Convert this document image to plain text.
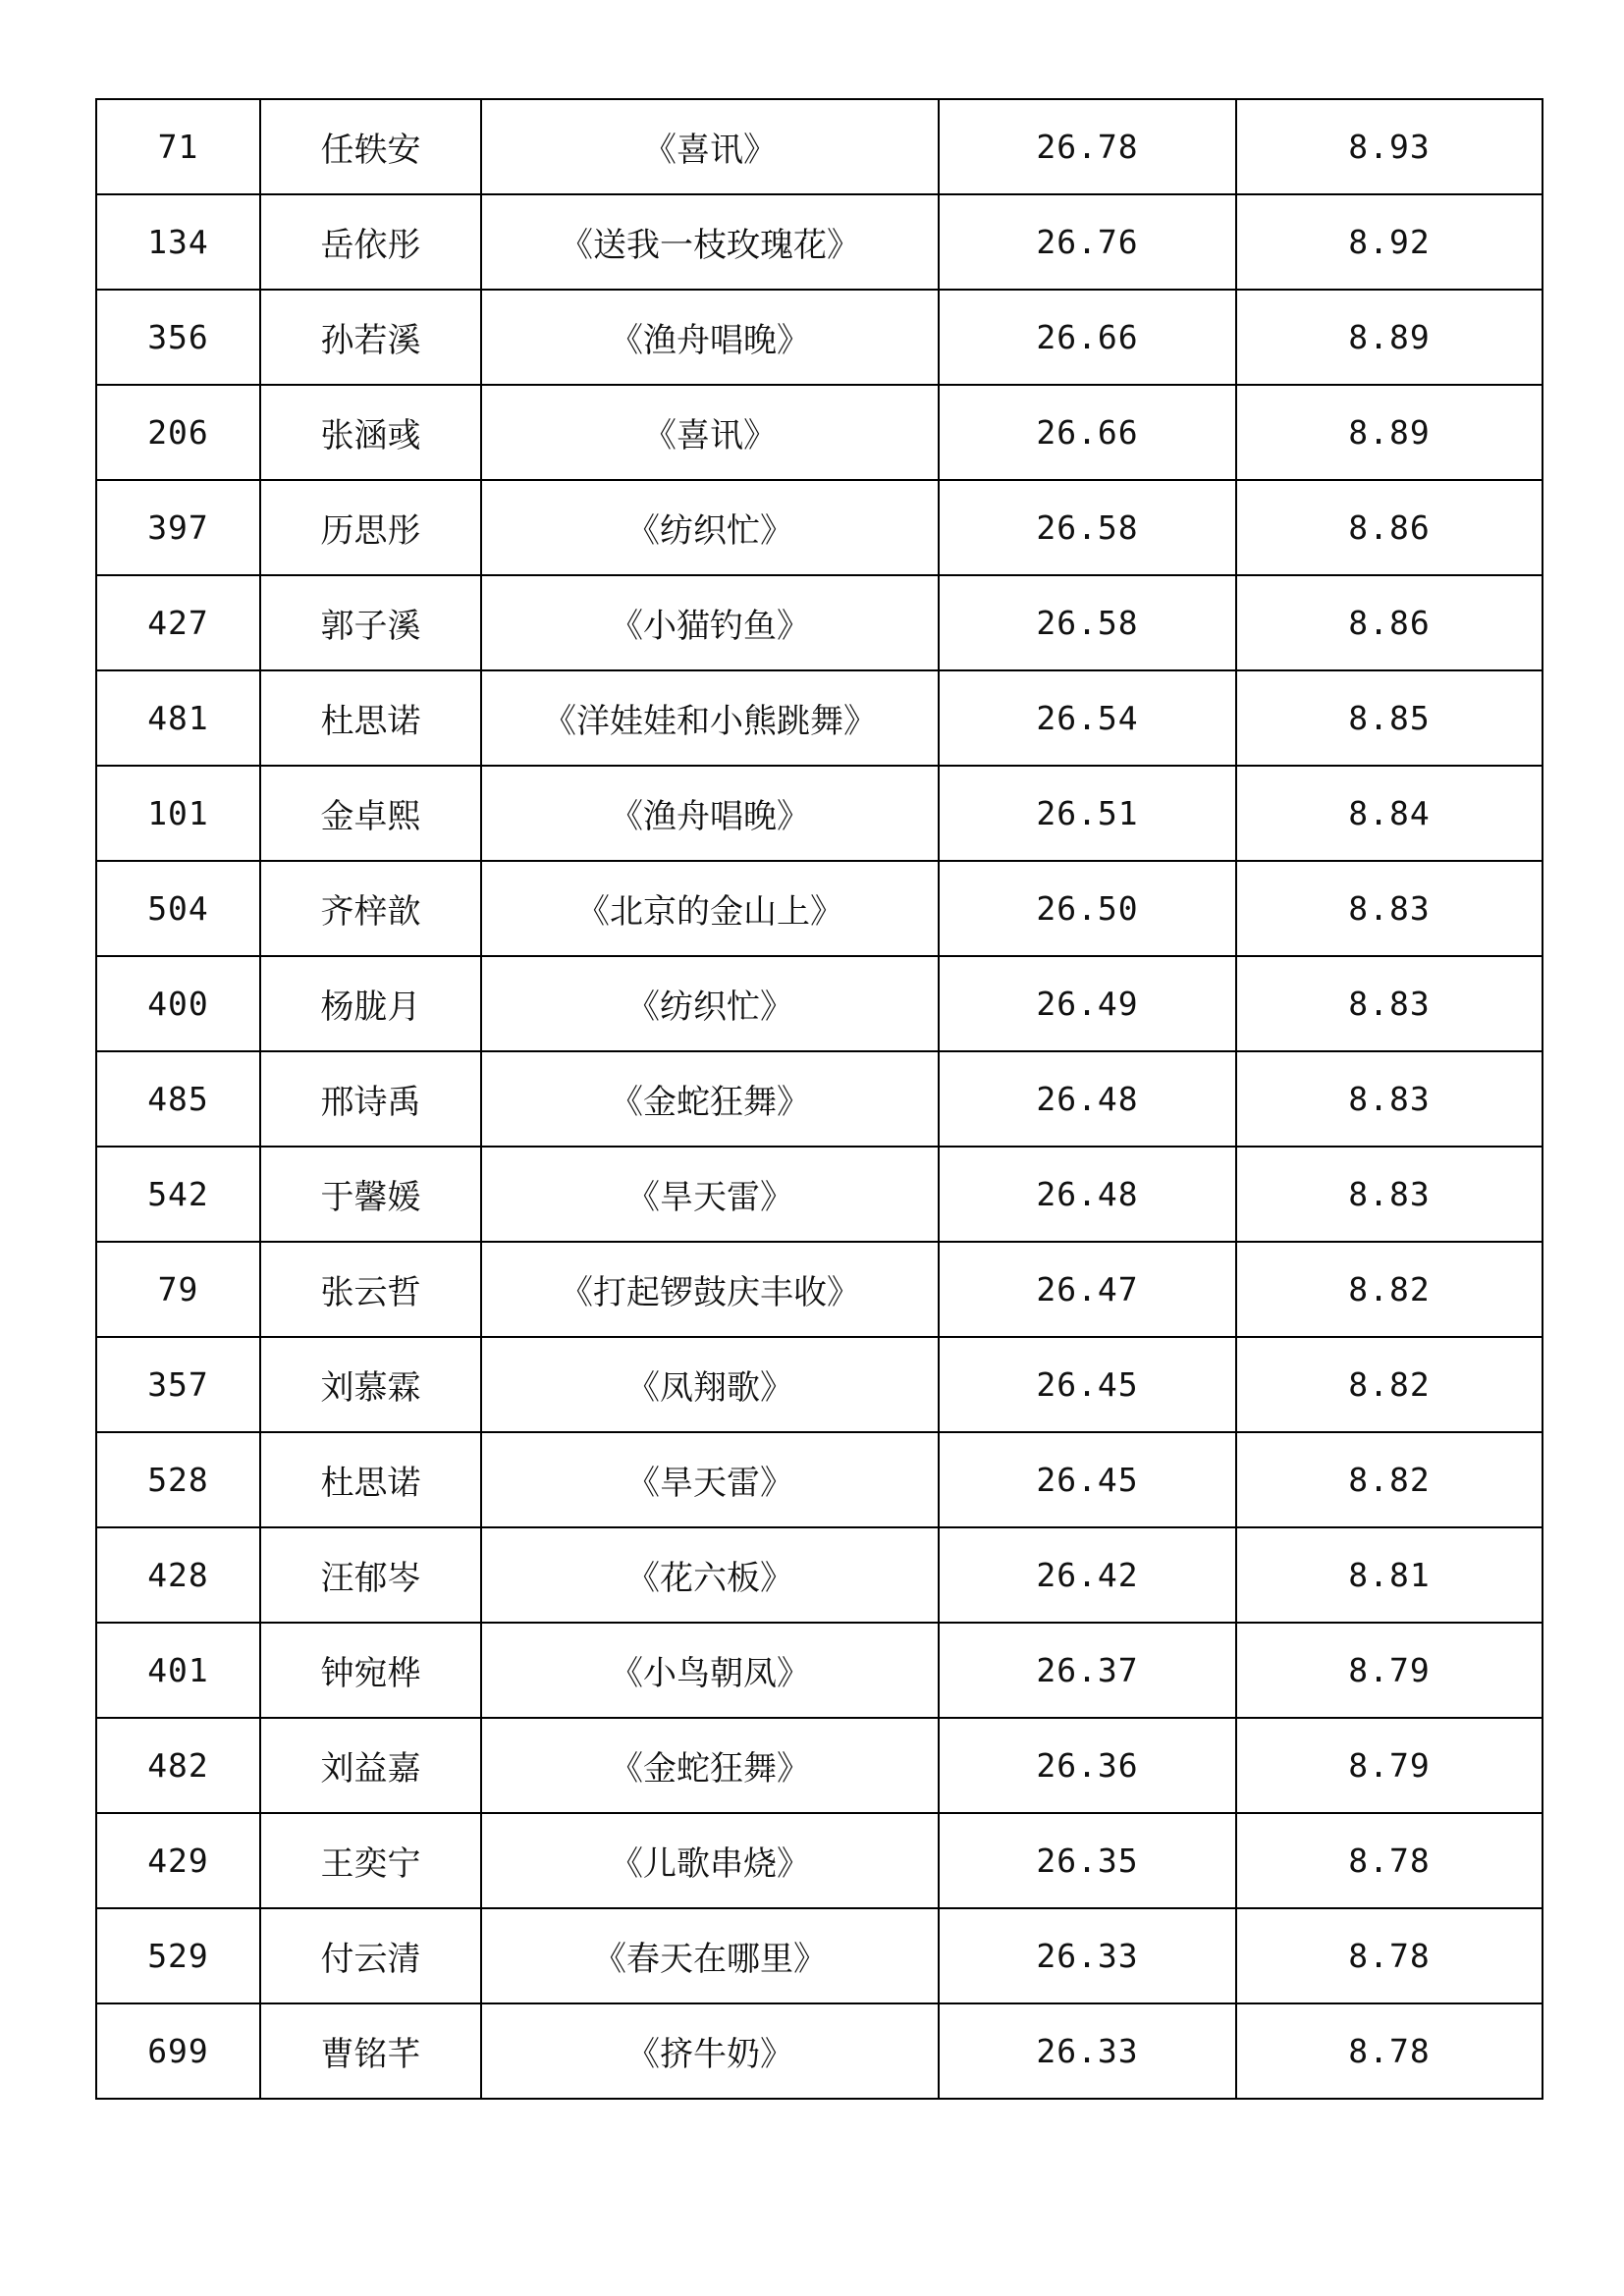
71	任轶安	《喜讯》	26.78	8.93
134	岳依彤	《送我一枝玫瑰花》	26.76	8.92
356	孙若溪	《渔舟唱晚》	26.66	8.89
206	张涵彧	《喜讯》	26.66	8.89
397	历思彤	《纺织忙》	26.58	8.86
427	郭子溪	《小猫钓鱼》	26.58	8.86
481	杜思诺	《洋娃娃和小熊跳舞》	26.54	8.85
101	金卓熙	《渔舟唱晚》	26.51	8.84
504	齐梓歆	《北京的金山上》	26.50	8.83
400	杨胧月	《纺织忙》	26.49	8.83
485	邢诗禹	《金蛇狂舞》	26.48	8.83
542	于馨媛	《旱天雷》	26.48	8.83
79	张云哲	《打起锣鼓庆丰收》	26.47	8.82
357	刘慕霖	《凤翔歌》	26.45	8.82
528	杜思诺	《旱天雷》	26.45	8.82
428	汪郁岑	《花六板》	26.42	8.81
401	钟宛桦	《小鸟朝凤》	26.37	8.79
482	刘益嘉	《金蛇狂舞》	26.36	8.79
429	王奕宁	《儿歌串烧》	26.35	8.78
529	付云清	《春天在哪里》	26.33	8.78
699	曹铭芊	《挤牛奶》	26.33	8.78
